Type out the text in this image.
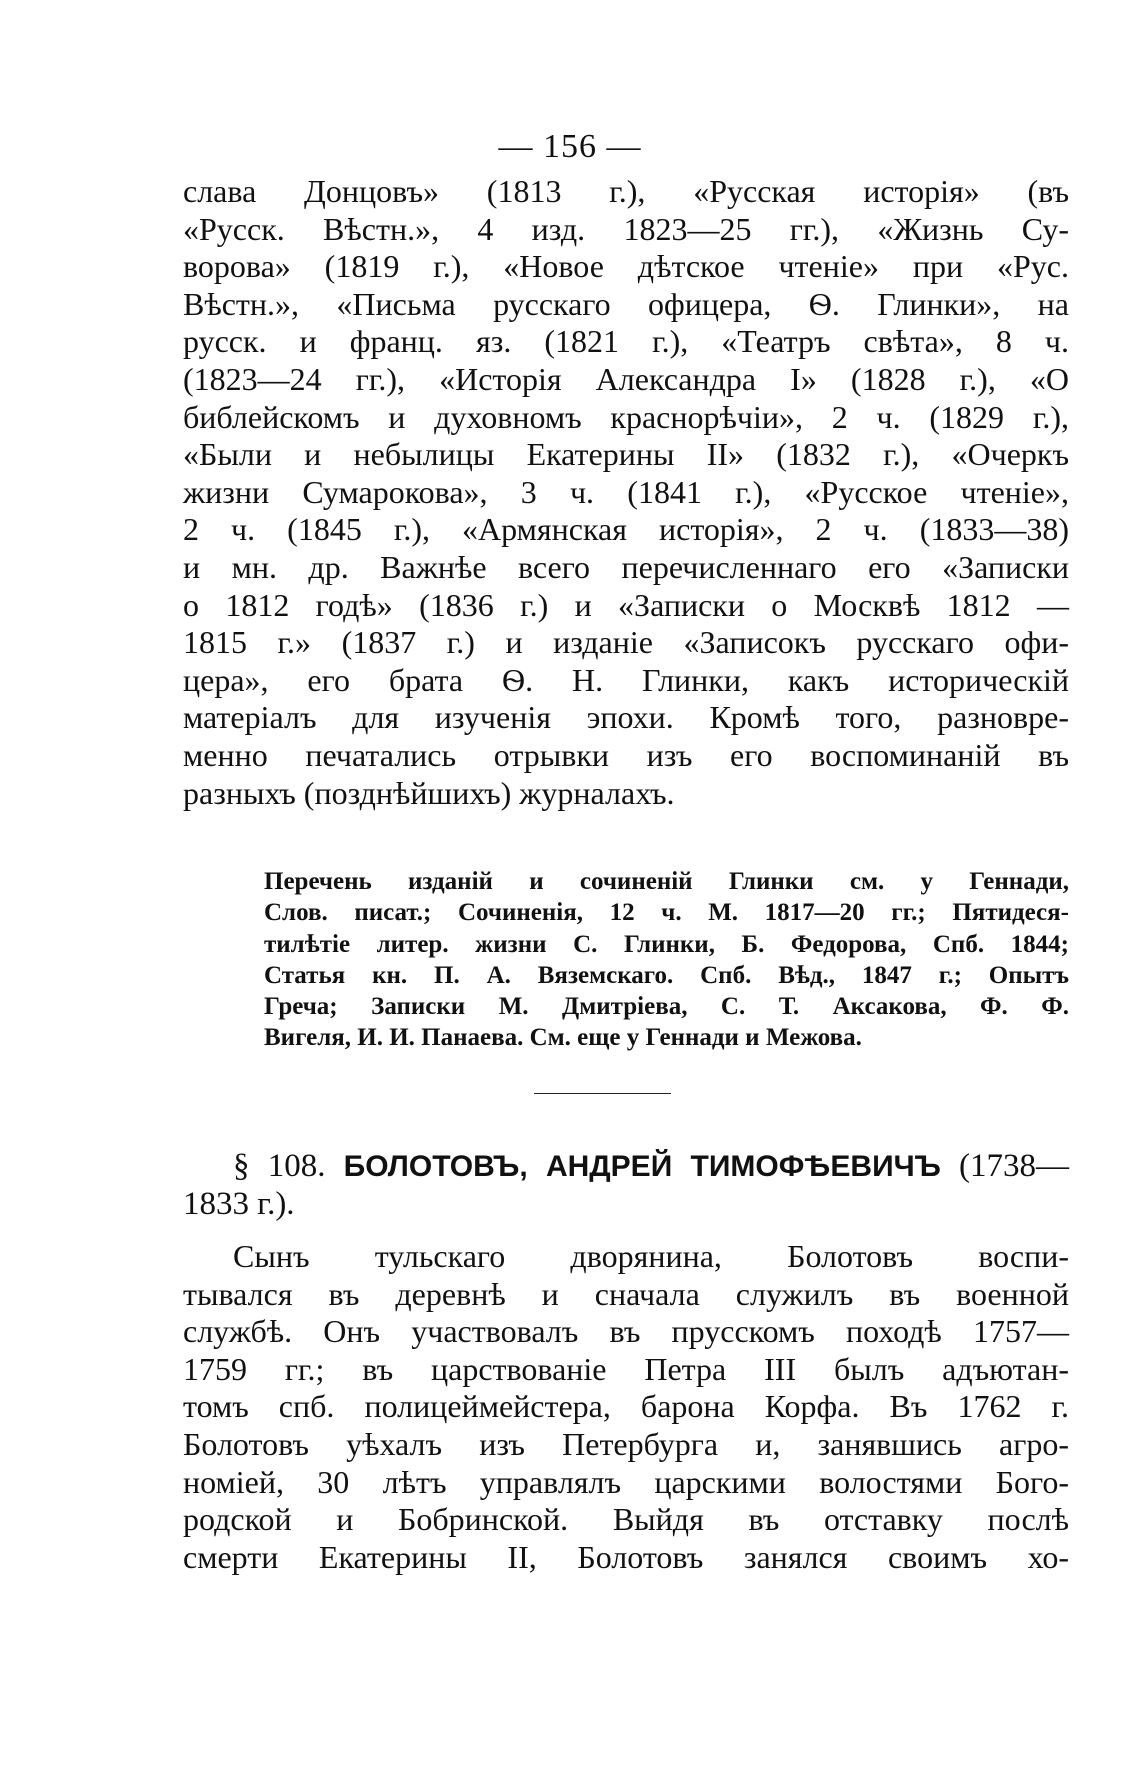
— 156 —
слава Донцовъ» (1813 г.), «Русская исторія» (въ
«Русск. Вѣстн.», 4 изд. 1823—25 гг.), «Жизнь Су-
ворова» (1819 г.), «Новое дѣтское чтеніе» при «Рус.
Вѣстн.», «Письма русскаго офицера, Ѳ. Глинки», на
русск. и франц. яз. (1821 г.), «Театръ свѣта», 8 ч.
(1823—24 гг.), «Исторія Александра I» (1828 г.), «О
библейскомъ и духовномъ краснорѣчіи», 2 ч. (1829 г.),
«Были и небылицы Екатерины II» (1832 г.), «Очеркъ
жизни Сумарокова», 3 ч. (1841 г.), «Русское чтеніе»,
2 ч. (1845 г.), «Армянская исторія», 2 ч. (1833—38)
и мн. др. Важнѣе всего перечисленнаго его «Записки
о 1812 годѣ» (1836 г.) и «Записки о Москвѣ 1812 —
1815 г.» (1837 г.) и изданіе «Записокъ русскаго офи-
цера», его брата Ѳ. Н. Глинки, какъ историческій
матеріалъ для изученія эпохи. Кромѣ того, разновре-
менно печатались отрывки изъ его воспоминаній въ
разныхъ (позднѣйшихъ) журналахъ.
Перечень изданій и сочиненій Глинки см. у Геннади,
Слов. писат.; Сочиненія, 12 ч. М. 1817—20 гг.; Пятидеся-
тилѣтіе литер. жизни С. Глинки, Б. Федорова, Спб. 1844;
Статья кн. П. А. Вяземскаго. Спб. Вѣд., 1847 г.; Опытъ
Греча; Записки М. Дмитріева, С. Т. Аксакова, Ф. Ф.
Вигеля, И. И. Панаева. См. еще у Геннади и Межова.
§ 108. БОЛОТОВЪ, АНДРЕЙ ТИМОФѢЕВИЧЪ (1738—
1833 г.).
Сынъ тульскаго дворянина, Болотовъ воспи-
тывался въ деревнѣ и сначала служилъ въ военной
службѣ. Онъ участвовалъ въ прусскомъ походѣ 1757—
1759 гг.; въ царствованіе Петра III былъ адъютан-
томъ спб. полицеймейстера, барона Корфа. Въ 1762 г.
Болотовъ уѣхалъ изъ Петербурга и, занявшись агро-
номіей, 30 лѣтъ управлялъ царскими волостями Бого-
родской и Бобринской. Выйдя въ отставку послѣ
смерти Екатерины II, Болотовъ занялся своимъ хо-
